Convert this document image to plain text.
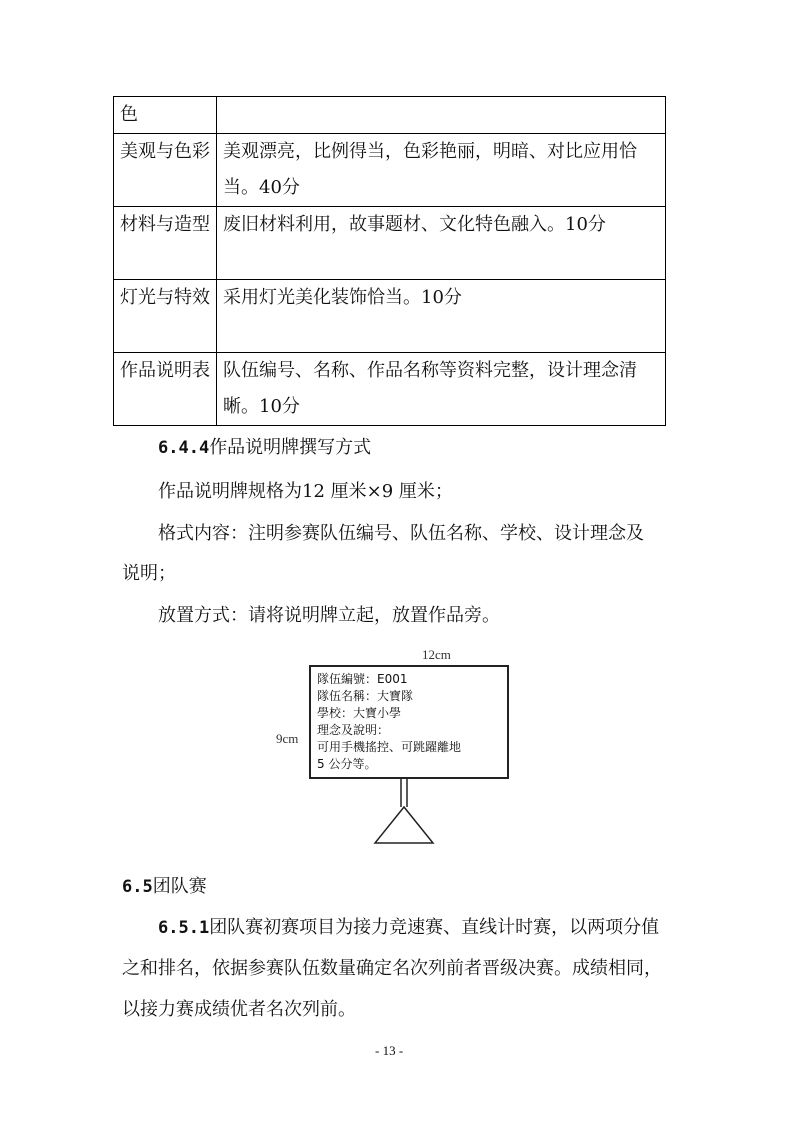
色	
美观与色彩	美观漂亮，比例得当，色彩艳丽，明暗、对比应用恰当。40分
材料与造型	废旧材料利用，故事题材、文化特色融入。10分
灯光与特效	采用灯光美化装饰恰当。10分
作品说明表	队伍编号、名称、作品名称等资料完整，设计理念清晰。10分
6.4.4作品说明牌撰写方式
作品说明牌规格为12 厘米×9 厘米；
格式内容：注明参赛队伍编号、队伍名称、学校、设计理念及
说明；
放置方式：请将说明牌立起，放置作品旁。
12cm
9cm
隊伍編號：E001
隊伍名稱：大寶隊
學校：大寶小學
理念及說明：
可用手機搖控、可跳躍離地
5 公分等。
6.5团队赛
6.5.1团队赛初赛项目为接力竞速赛、直线计时赛，以两项分值
之和排名，依据参赛队伍数量确定名次列前者晋级决赛。成绩相同，
以接力赛成绩优者名次列前。
- 13 -
